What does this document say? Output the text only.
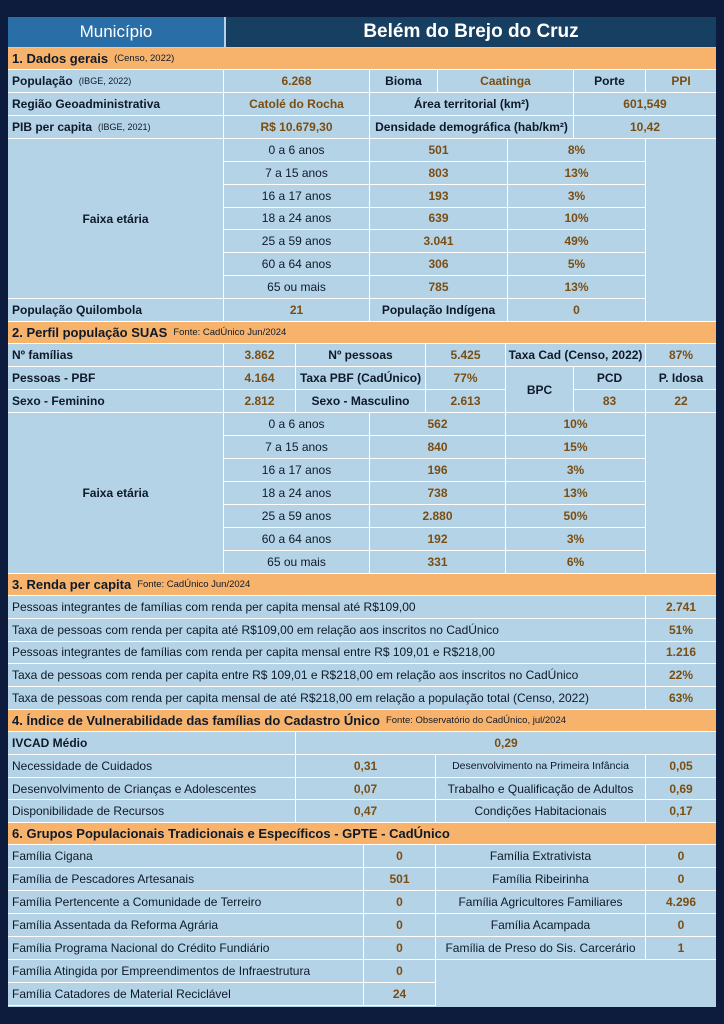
Município	Belém do Brejo do Cruz
1. Dados gerais (Censo, 2022)
População (IBGE, 2022)	6.268	Bioma	Caatinga	Porte	PPI
Região Geoadministrativa	Catolé do Rocha	Área territorial (km²)	601,549
PIB per capita (IBGE, 2021)	R$ 10.679,30	Densidade demográfica (hab/km²)	10,42
Faixa etária
0 a 6 anos	501	8%
7 a 15 anos	803	13%
16 a 17 anos	193	3%
18 a 24 anos	639	10%
25 a 59 anos	3.041	49%
60 a 64 anos	306	5%
65 ou mais	785	13%
População Quilombola	21	População Indígena	0
2. Perfil população SUAS Fonte: CadÚnico Jun/2024
Nº famílias	3.862	Nº pessoas	5.425	Taxa Cad (Censo, 2022)	87%
Pessoas - PBF	4.164	Taxa PBF (CadÚnico)	77%	PCD	P. Idosa
Sexo - Feminino	2.812	Sexo - Masculino	2.613	83	22
BPC
Faixa etária
0 a 6 anos	562	10%
7 a 15 anos	840	15%
16 a 17 anos	196	3%
18 a 24 anos	738	13%
25 a 59 anos	2.880	50%
60 a 64 anos	192	3%
65 ou mais	331	6%
3. Renda per capita Fonte: CadÚnico Jun/2024
Pessoas integrantes de famílias com renda per capita mensal até R$109,00	2.741
Taxa de pessoas com renda per capita até R$109,00 em relação aos inscritos no CadÚnico	51%
Pessoas integrantes de famílias com renda per capita mensal entre R$ 109,01 e R$218,00	1.216
Taxa de pessoas com renda per capita entre R$ 109,01 e R$218,00 em relação aos inscritos no CadÚnico	22%
Taxa de pessoas com renda per capita mensal de até R$218,00 em relação a população total (Censo, 2022)	63%
4. Índice de Vulnerabilidade das famílias do Cadastro Único Fonte: Observatório do CadÚnico, jul/2024
IVCAD Médio	0,29
Necessidade de Cuidados	0,31	Desenvolvimento na Primeira Infância	0,05
Desenvolvimento de Crianças e Adolescentes	0,07	Trabalho e Qualificação de Adultos	0,69
Disponibilidade de Recursos	0,47	Condições Habitacionais	0,17
6. Grupos Populacionais Tradicionais e Específicos - GPTE - CadÚnico
Família Cigana	0	Família Extrativista	0
Família de Pescadores Artesanais	501	Família Ribeirinha	0
Família Pertencente a Comunidade de Terreiro	0	Família Agricultores Familiares	4.296
Família Assentada da Reforma Agrária	0	Família Acampada	0
Família Programa Nacional do Crédito Fundiário	0	Família de Preso do Sis. Carcerário	1
Família Atingida por Empreendimentos de Infraestrutura	0
Família Catadores de Material Reciclável	24
